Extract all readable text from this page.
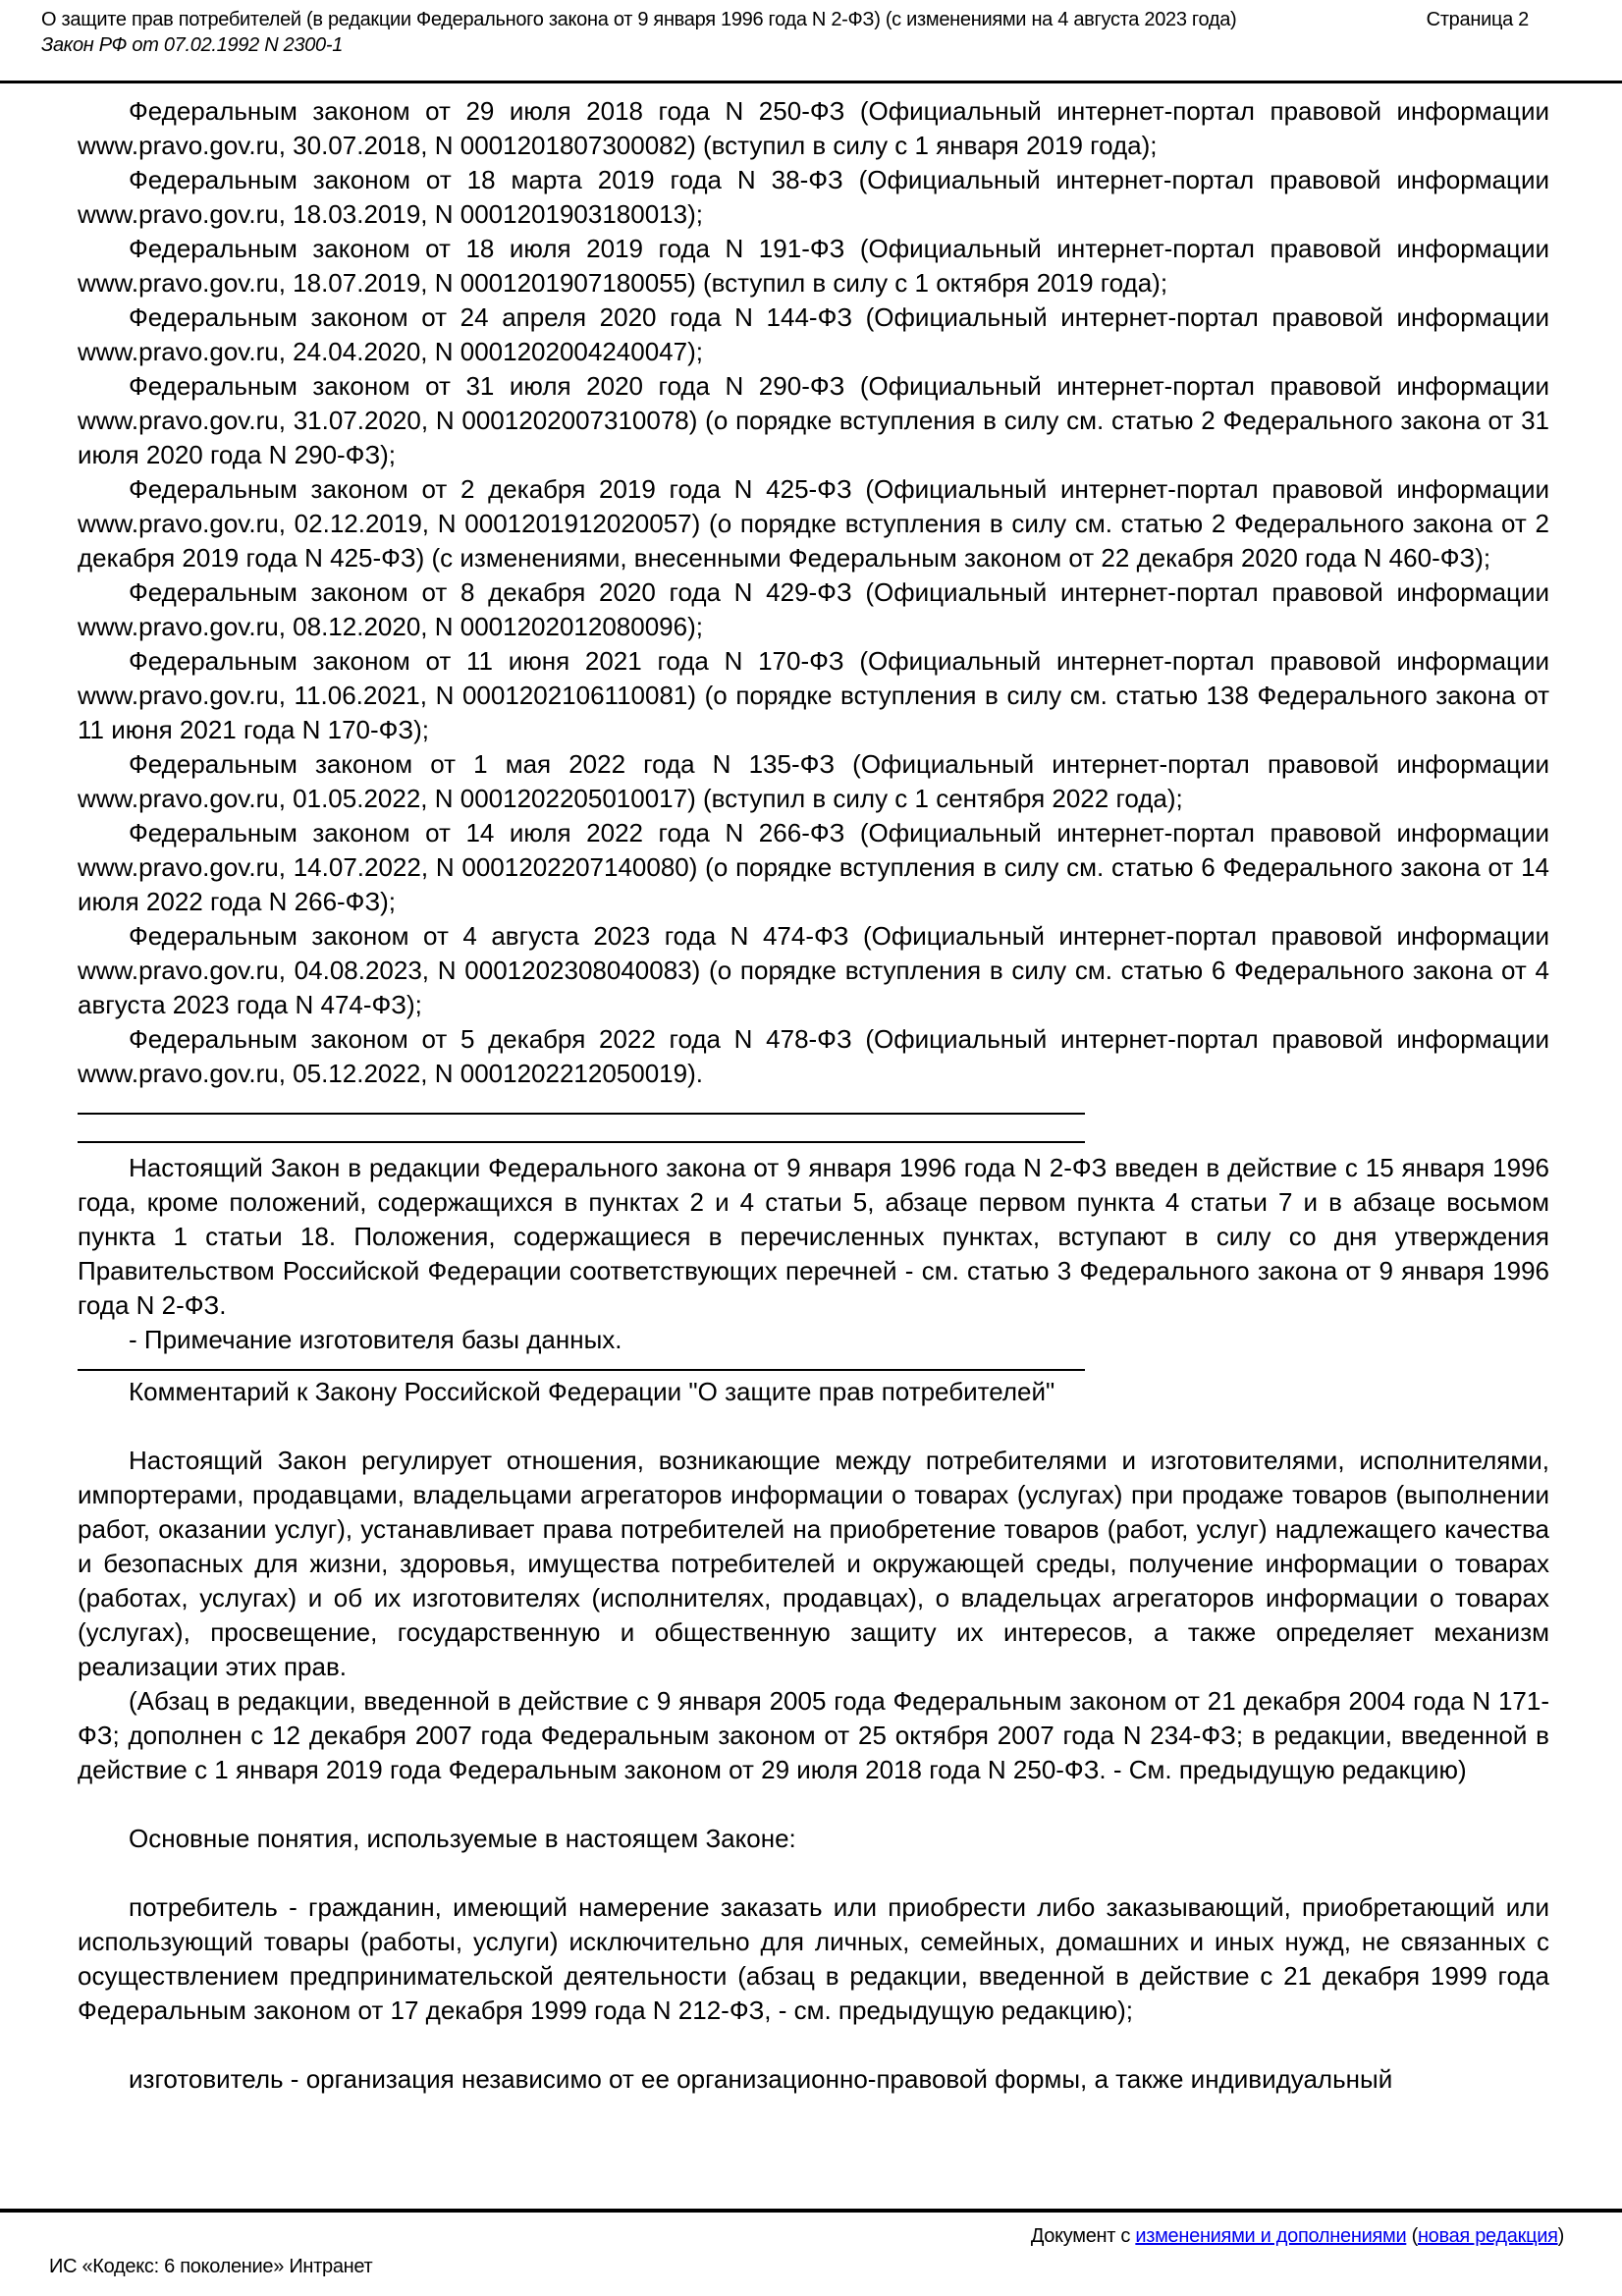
О защите прав потребителей (в редакции Федерального закона от 9 января 1996 года N 2-ФЗ) (с изменениями на 4 августа 2023 года)	Страница 2
Закон РФ от 07.02.1992 N 2300-1

Федеральным законом от 29 июля 2018 года N 250-ФЗ (Официальный интернет-портал правовой информации www.pravo.gov.ru, 30.07.2018, N 0001201807300082) (вступил в силу с 1 января 2019 года);

Федеральным законом от 18 марта 2019 года N 38-ФЗ (Официальный интернет-портал правовой информации www.pravo.gov.ru, 18.03.2019, N 0001201903180013);

Федеральным законом от 18 июля 2019 года N 191-ФЗ (Официальный интернет-портал правовой информации www.pravo.gov.ru, 18.07.2019, N 0001201907180055) (вступил в силу с 1 октября 2019 года);

Федеральным законом от 24 апреля 2020 года N 144-ФЗ (Официальный интернет-портал правовой информации www.pravo.gov.ru, 24.04.2020, N 0001202004240047);

Федеральным законом от 31 июля 2020 года N 290-ФЗ (Официальный интернет-портал правовой информации www.pravo.gov.ru, 31.07.2020, N 0001202007310078) (о порядке вступления в силу см. статью 2 Федерального закона от 31 июля 2020 года N 290-ФЗ);

Федеральным законом от 2 декабря 2019 года N 425-ФЗ (Официальный интернет-портал правовой информации www.pravo.gov.ru, 02.12.2019, N 0001201912020057) (о порядке вступления в силу см. статью 2 Федерального закона от 2 декабря 2019 года N 425-ФЗ) (с изменениями, внесенными Федеральным законом от 22 декабря 2020 года N 460-ФЗ);

Федеральным законом от 8 декабря 2020 года N 429-ФЗ (Официальный интернет-портал правовой информации www.pravo.gov.ru, 08.12.2020, N 0001202012080096);

Федеральным законом от 11 июня 2021 года N 170-ФЗ (Официальный интернет-портал правовой информации www.pravo.gov.ru, 11.06.2021, N 0001202106110081) (о порядке вступления в силу см. статью 138 Федерального закона от 11 июня 2021 года N 170-ФЗ);

Федеральным законом от 1 мая 2022 года N 135-ФЗ (Официальный интернет-портал правовой информации www.pravo.gov.ru, 01.05.2022, N 0001202205010017) (вступил в силу с 1 сентября 2022 года);

Федеральным законом от 14 июля 2022 года N 266-ФЗ (Официальный интернет-портал правовой информации www.pravo.gov.ru, 14.07.2022, N 0001202207140080) (о порядке вступления в силу см. статью 6 Федерального закона от 14 июля 2022 года N 266-ФЗ);

Федеральным законом от 4 августа 2023 года N 474-ФЗ (Официальный интернет-портал правовой информации www.pravo.gov.ru, 04.08.2023, N 0001202308040083) (о порядке вступления в силу см. статью 6 Федерального закона от 4 августа 2023 года N 474-ФЗ);

Федеральным законом от 5 декабря 2022 года N 478-ФЗ (Официальный интернет-портал правовой информации www.pravo.gov.ru, 05.12.2022, N 0001202212050019).

Настоящий Закон в редакции Федерального закона от 9 января 1996 года N 2-ФЗ введен в действие с 15 января 1996 года, кроме положений, содержащихся в пунктах 2 и 4 статьи 5, абзаце первом пункта 4 статьи 7 и в абзаце восьмом пункта 1 статьи 18. Положения, содержащиеся в перечисленных пунктах, вступают в силу со дня утверждения Правительством Российской Федерации соответствующих перечней - см. статью 3 Федерального закона от 9 января 1996 года N 2-ФЗ.

- Примечание изготовителя базы данных.

Комментарий к Закону Российской Федерации "О защите прав потребителей"

Настоящий Закон регулирует отношения, возникающие между потребителями и изготовителями, исполнителями, импортерами, продавцами, владельцами агрегаторов информации о товарах (услугах) при продаже товаров (выполнении работ, оказании услуг), устанавливает права потребителей на приобретение товаров (работ, услуг) надлежащего качества и безопасных для жизни, здоровья, имущества потребителей и окружающей среды, получение информации о товарах (работах, услугах) и об их изготовителях (исполнителях, продавцах), о владельцах агрегаторов информации о товарах (услугах), просвещение, государственную и общественную защиту их интересов, а также определяет механизм реализации этих прав.

(Абзац в редакции, введенной в действие с 9 января 2005 года Федеральным законом от 21 декабря 2004 года N 171-ФЗ; дополнен с 12 декабря 2007 года Федеральным законом от 25 октября 2007 года N 234-ФЗ; в редакции, введенной в действие с 1 января 2019 года Федеральным законом от 29 июля 2018 года N 250-ФЗ. - См. предыдущую редакцию)

Основные понятия, используемые в настоящем Законе:

потребитель - гражданин, имеющий намерение заказать или приобрести либо заказывающий, приобретающий или использующий товары (работы, услуги) исключительно для личных, семейных, домашних и иных нужд, не связанных с осуществлением предпринимательской деятельности (абзац в редакции, введенной в действие с 21 декабря 1999 года Федеральным законом от 17 декабря 1999 года N 212-ФЗ, - см. предыдущую редакцию);

изготовитель - организация независимо от ее организационно-правовой формы, а также индивидуальный

Документ с изменениями и дополнениями (новая редакция)
ИС «Кодекс: 6 поколение» Интранет
